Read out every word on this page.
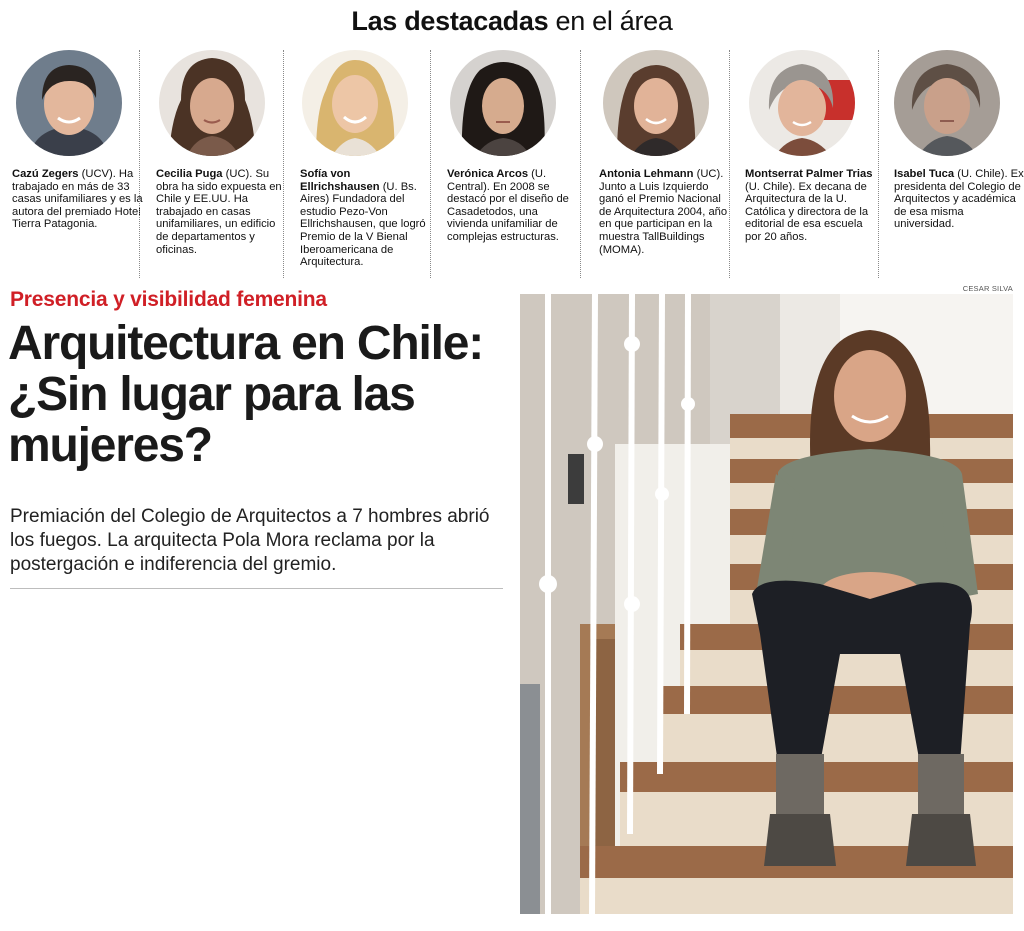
Las destacadas en el área
Cazú Zegers (UCV). Ha trabajado en más de 33 casas unifamiliares y es la autora del premiado Hotel Tierra Patagonia.
Cecilia Puga (UC). Su obra ha sido expuesta en Chile y EE.UU. Ha trabajado en casas unifamiliares, un edificio de departamentos y oficinas.
Sofía von Ellrichshausen (U. Bs. Aires) Fundadora del estudio Pezo-Von Ellrichshausen, que logró Premio de la V Bienal Iberoamericana de Arquitectura.
Verónica Arcos (U. Central). En 2008 se destacó por el diseño de Casadetodos, una vivienda unifamiliar de complejas estructuras.
Antonia Lehmann (UC). Junto a Luis Izquierdo ganó el Premio Nacional de Arquitectura 2004, año en que participan en la muestra TallBuildings (MOMA).
Montserrat Palmer Trias (U. Chile). Ex decana de Arquitectura de la U. Católica y directora de la editorial de esa escuela por 20 años.
Isabel Tuca (U. Chile). Ex presidenta del Colegio de Arquitectos y académica de esa misma universidad.
Presencia y visibilidad femenina
Arquitectura en Chile: ¿Sin lugar para las mujeres?

Premiación del Colegio de Arquitectos a 7 hombres abrió los fuegos. La arquitecta Pola Mora reclama por la postergación e indiferencia del gremio.

CESAR SILVA
